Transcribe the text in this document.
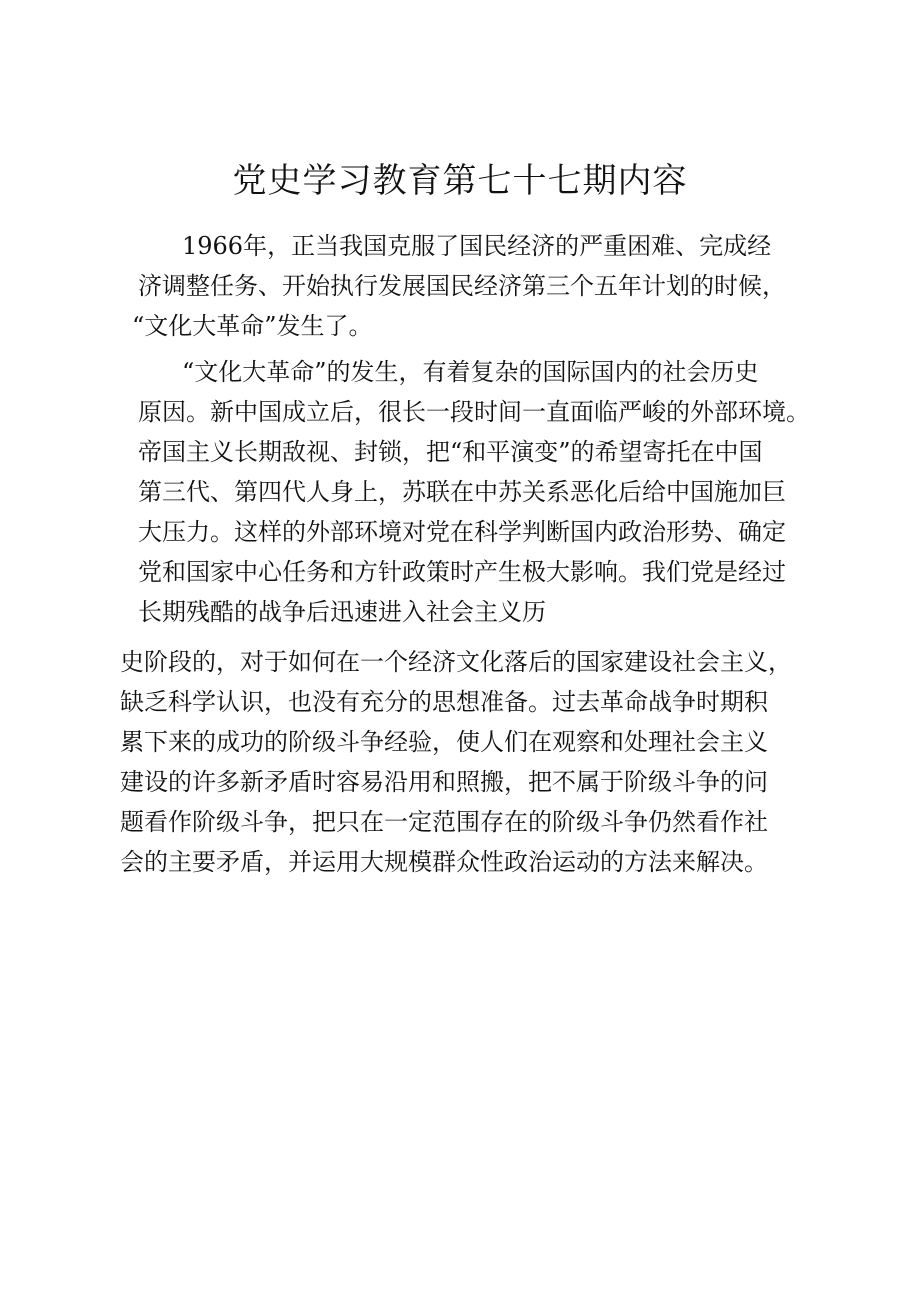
党史学习教育第七十七期内容
1966年，正当我国克服了国民经济的严重困难、完成经
济调整任务、开始执行发展国民经济第三个五年计划的时候，
“文化大革命”发生了。
“文化大革命”的发生，有着复杂的国际国内的社会历史
原因。新中国成立后，很长一段时间一直面临严峻的外部环境。
帝国主义长期敌视、封锁，把“和平演变”的希望寄托在中国
第三代、第四代人身上，苏联在中苏关系恶化后给中国施加巨
大压力。这样的外部环境对党在科学判断国内政治形势、确定
党和国家中心任务和方针政策时产生极大影响。我们党是经过
长期残酷的战争后迅速进入社会主义历
史阶段的，对于如何在一个经济文化落后的国家建设社会主义，
缺乏科学认识，也没有充分的思想准备。过去革命战争时期积
累下来的成功的阶级斗争经验，使人们在观察和处理社会主义
建设的许多新矛盾时容易沿用和照搬，把不属于阶级斗争的问
题看作阶级斗争，把只在一定范围存在的阶级斗争仍然看作社
会的主要矛盾，并运用大规模群众性政治运动的方法来解决。
